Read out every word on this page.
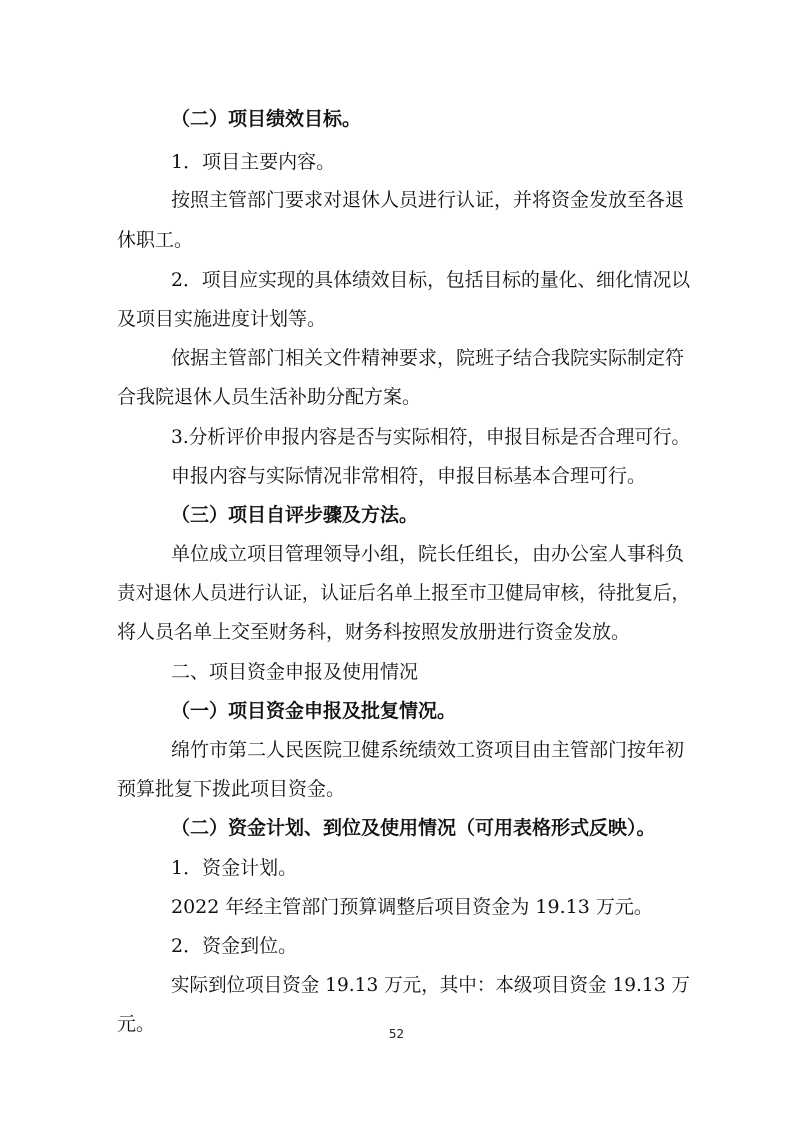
（二）项目绩效目标。
1．项目主要内容。
按照主管部门要求对退休人员进行认证，并将资金发放至各退
休职工。
2．项目应实现的具体绩效目标，包括目标的量化、细化情况以
及项目实施进度计划等。
依据主管部门相关文件精神要求，院班子结合我院实际制定符
合我院退休人员生活补助分配方案。
3.分析评价申报内容是否与实际相符，申报目标是否合理可行。
申报内容与实际情况非常相符，申报目标基本合理可行。
（三）项目自评步骤及方法。
单位成立项目管理领导小组，院长任组长，由办公室人事科负
责对退休人员进行认证，认证后名单上报至市卫健局审核，待批复后，
将人员名单上交至财务科，财务科按照发放册进行资金发放。
二、项目资金申报及使用情况
（一）项目资金申报及批复情况。
绵竹市第二人民医院卫健系统绩效工资项目由主管部门按年初
预算批复下拨此项目资金。
（二）资金计划、到位及使用情况（可用表格形式反映）。
1．资金计划。
2022 年经主管部门预算调整后项目资金为 19.13 万元。
2．资金到位。
实际到位项目资金 19.13 万元，其中：本级项目资金 19.13 万
元。	52
